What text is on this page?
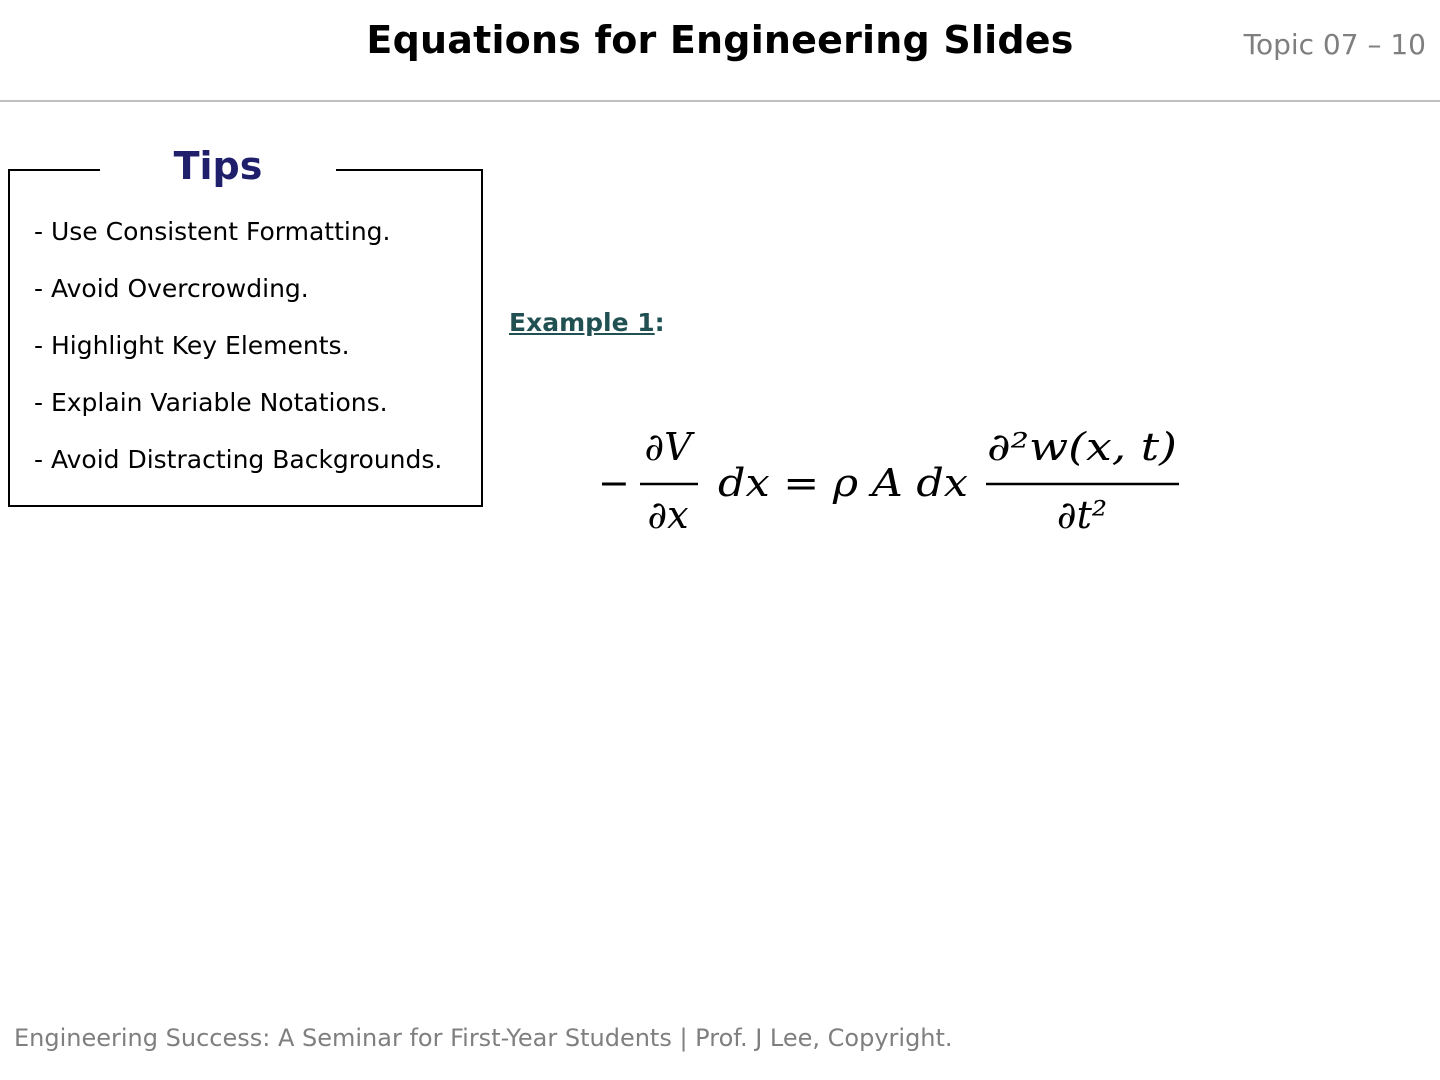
Equations for Engineering Slides	Topic 07 – 10
Tips
- Use Consistent Formatting.
- Avoid Overcrowding.
- Highlight Key Elements.
- Explain Variable Notations.
- Avoid Distracting Backgrounds.
Example 1:
−
∂V
∂x
dx = ρ A dx
∂²w(x, t)
∂t²
Engineering Success: A Seminar for First-Year Students | Prof. J Lee, Copyright.
